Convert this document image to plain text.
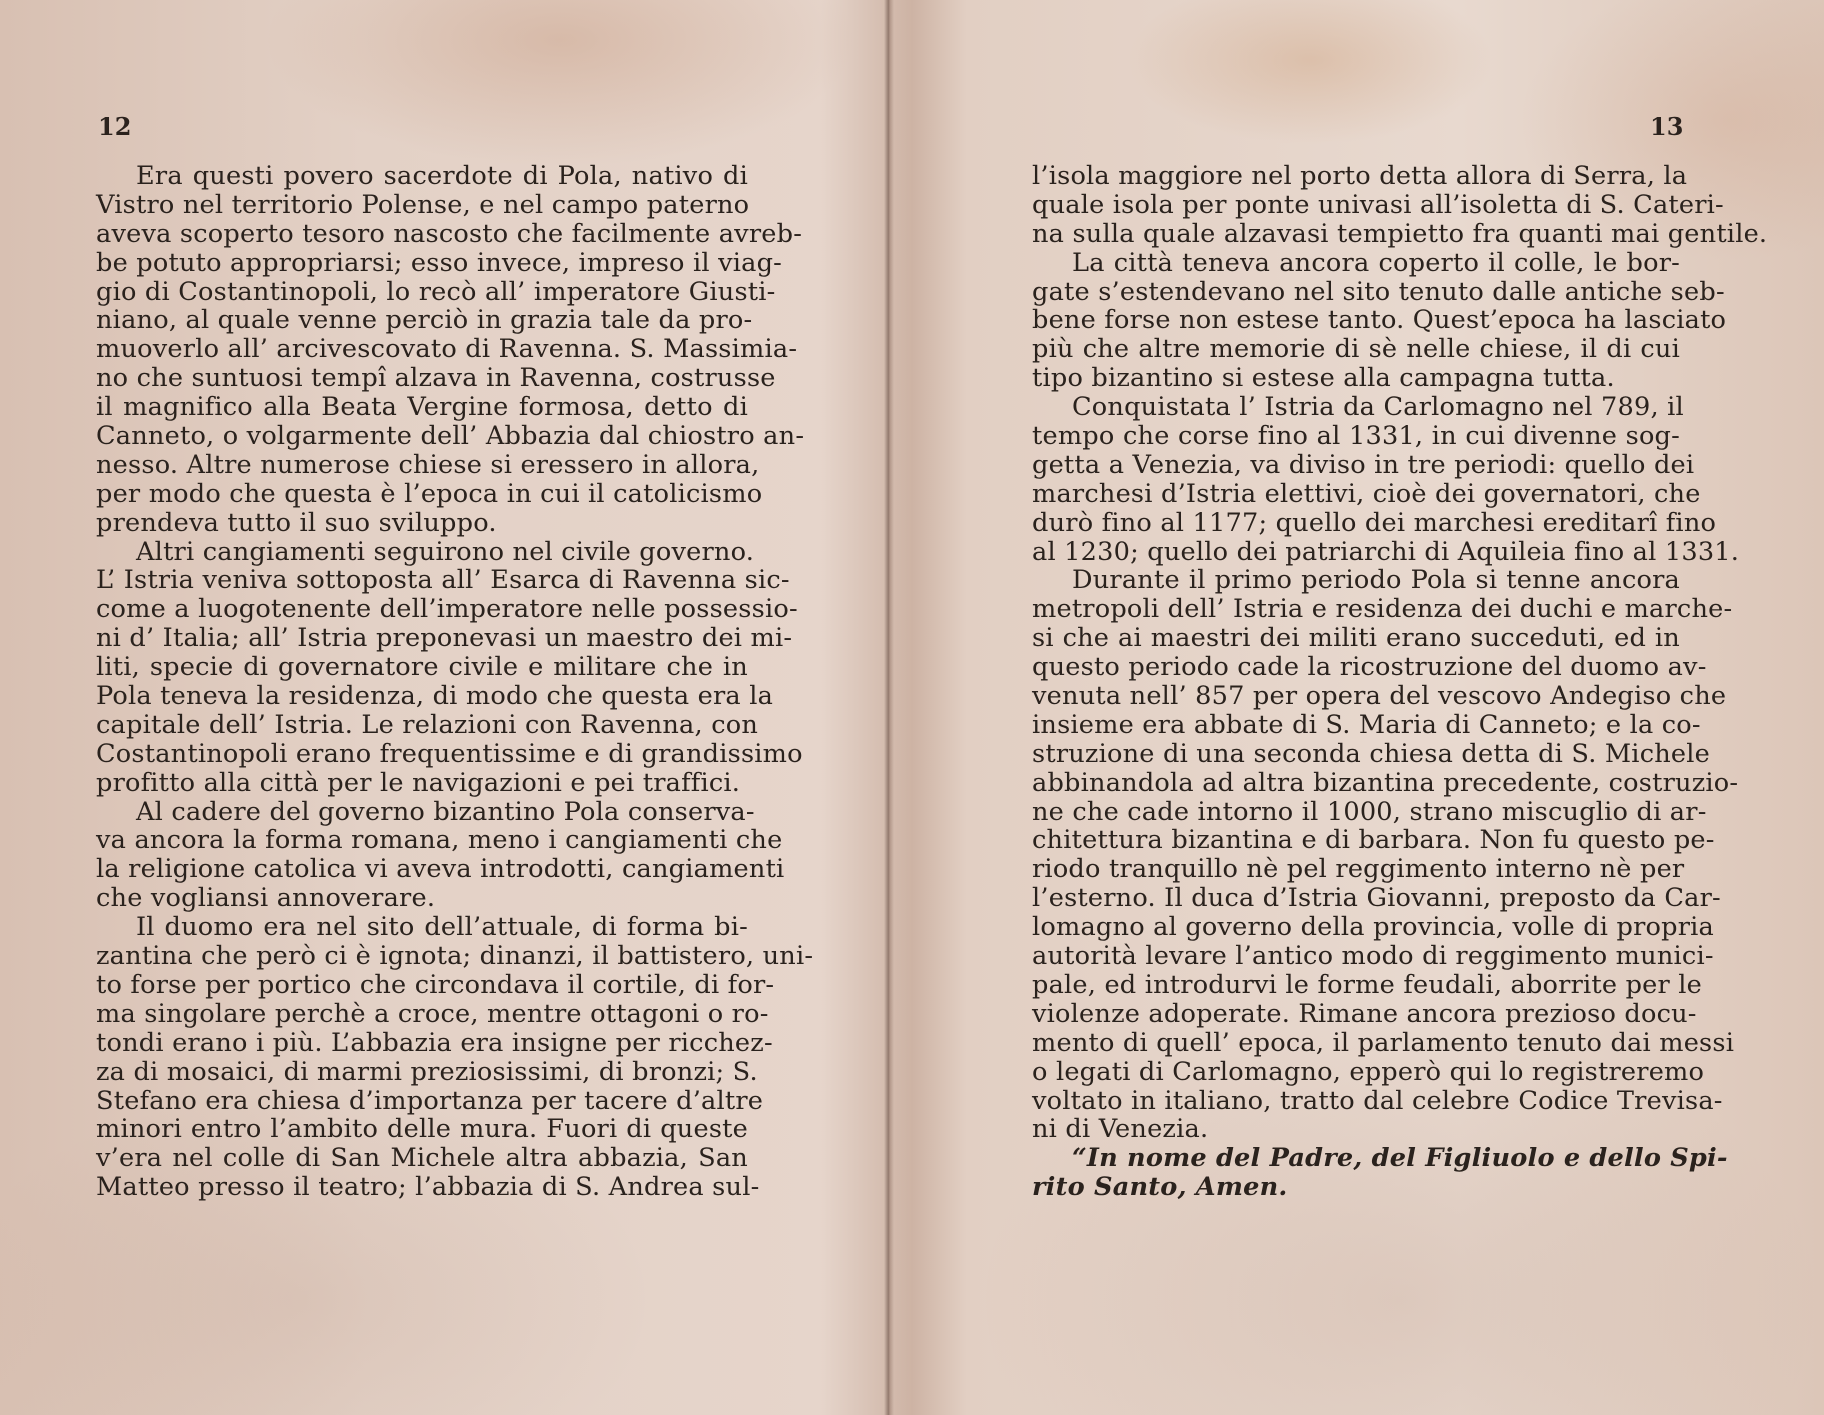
12
Era questi povero sacerdote di Pola, nativo di
Vistro nel territorio Polense, e nel campo paterno
aveva scoperto tesoro nascosto che facilmente avreb-
be potuto appropriarsi; esso invece, impreso il viag-
gio di Costantinopoli, lo recò all’ imperatore Giusti-
niano, al quale venne perciò in grazia tale da pro-
muoverlo all’ arcivescovato di Ravenna. S. Massimia-
no che suntuosi tempî alzava in Ravenna, costrusse
il magnifico alla Beata Vergine formosa, detto di
Canneto, o volgarmente dell’ Abbazia dal chiostro an-
nesso. Altre numerose chiese si eressero in allora,
per modo che questa è l’epoca in cui il catolicismo
prendeva tutto il suo sviluppo.
Altri cangiamenti seguirono nel civile governo.
L’ Istria veniva sottoposta all’ Esarca di Ravenna sic-
come a luogotenente dell’imperatore nelle possessio-
ni d’ Italia; all’ Istria preponevasi un maestro dei mi-
liti, specie di governatore civile e militare che in
Pola teneva la residenza, di modo che questa era la
capitale dell’ Istria. Le relazioni con Ravenna, con
Costantinopoli erano frequentissime e di grandissimo
profitto alla città per le navigazioni e pei traffici.
Al cadere del governo bizantino Pola conserva-
va ancora la forma romana, meno i cangiamenti che
la religione catolica vi aveva introdotti, cangiamenti
che vogliansi annoverare.
Il duomo era nel sito dell’attuale, di forma bi-
zantina che però ci è ignota; dinanzi, il battistero, uni-
to forse per portico che circondava il cortile, di for-
ma singolare perchè a croce, mentre ottagoni o ro-
tondi erano i più. L’abbazia era insigne per ricchez-
za di mosaici, di marmi preziosissimi, di bronzi; S.
Stefano era chiesa d’importanza per tacere d’altre
minori entro l’ambito delle mura. Fuori di queste
v’era nel colle di San Michele altra abbazia, San
Matteo presso il teatro; l’abbazia di S. Andrea sul-
13
l’isola maggiore nel porto detta allora di Serra, la
quale isola per ponte univasi all’isoletta di S. Cateri-
na sulla quale alzavasi tempietto fra quanti mai gentile.
La città teneva ancora coperto il colle, le bor-
gate s’estendevano nel sito tenuto dalle antiche seb-
bene forse non estese tanto. Quest’epoca ha lasciato
più che altre memorie di sè nelle chiese, il di cui
tipo bizantino si estese alla campagna tutta.
Conquistata l’ Istria da Carlomagno nel 789, il
tempo che corse fino al 1331, in cui divenne sog-
getta a Venezia, va diviso in tre periodi: quello dei
marchesi d’Istria elettivi, cioè dei governatori, che
durò fino al 1177; quello dei marchesi ereditarî fino
al 1230; quello dei patriarchi di Aquileia fino al 1331.
Durante il primo periodo Pola si tenne ancora
metropoli dell’ Istria e residenza dei duchi e marche-
si che ai maestri dei militi erano succeduti, ed in
questo periodo cade la ricostruzione del duomo av-
venuta nell’ 857 per opera del vescovo Andegiso che
insieme era abbate di S. Maria di Canneto; e la co-
struzione di una seconda chiesa detta di S. Michele
abbinandola ad altra bizantina precedente, costruzio-
ne che cade intorno il 1000, strano miscuglio di ar-
chitettura bizantina e di barbara. Non fu questo pe-
riodo tranquillo nè pel reggimento interno nè per
l’esterno. Il duca d’Istria Giovanni, preposto da Car-
lomagno al governo della provincia, volle di propria
autorità levare l’antico modo di reggimento munici-
pale, ed introdurvi le forme feudali, aborrite per le
violenze adoperate. Rimane ancora prezioso docu-
mento di quell’ epoca, il parlamento tenuto dai messi
o legati di Carlomagno, epperò qui lo registreremo
voltato in italiano, tratto dal celebre Codice Trevisa-
ni di Venezia.
“In nome del Padre, del Figliuolo e dello Spi-
rito Santo, Amen.
